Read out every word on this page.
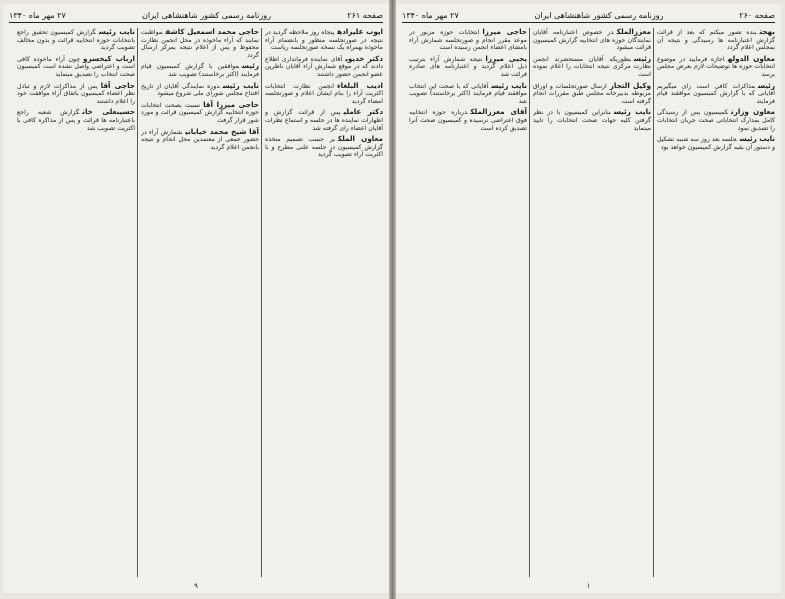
صفحه ۲۶۱
روزنامه رسمی کشور شاهنشاهی ایران
۲۷ مهر ماه ۱۳۴۰
ایوب علیزادهپنجاه روز ملاحظه گردید در نتیجه در صورتجلسه منظور و بانضمام آراء ماخوذه بهمراه یک نسخه صورتجلسه ریاست
دکتر خدیویآقای نماینده فرمانداری اطلاع دادند که در موقع شمارش آراء آقایان ناظرین عضو انجمن حضور داشتند
ادیب البلغاءانجمن نظارت انتخابات اکثریت آراء را بنام ایشان اعلام و صورتجلسه امضاء گردید
دکتر عاملیپس از قرائت گزارش و اظهارات نماینده ها در جلسه و استماع نظرات آقایان اعضاء رای گرفته شد
معاون الملکبر حسب تصمیم متخذه گزارش کمیسیون در جلسه علنی مطرح و با اکثریت آراء تصویب گردید
حاجی محمد اسمعیل کاشفمواظبت نمایند که آراء ماخوذه در محل انجمن نظارت محفوظ و پس از اعلام نتیجه بمرکز ارسال گردد
رئیسموافقین با گزارش کمیسیون قیام فرمایند (اکثر برخاستند) تصویب شد
نایب رئیسدوره نمایندگی آقایان از تاریخ افتتاح مجلس شورای ملی شروع میشود
حاجی میرزا آقانسبت بصحت انتخابات حوزه انتخابیه گزارش کمیسیون قرائت و مورد شور قرار گرفت
آقا شیخ محمد خیابانیشمارش آراء در حضور جمعی از معتمدین محل انجام و نتیجه بانجمن اعلام گردید
نایب رئیسگزارش کمیسیون تحقیق راجع بانتخابات حوزه انتخابیه قرائت و بدون مخالف تصویب گردید
ارباب کیخسروچون آراء ماخوذه کافی است و اعتراضی واصل نشده است کمیسیون صحت انتخاب را تصدیق مینماید
حاجی آقاپس از مذاکرات لازم و تبادل نظر اعضاء کمیسیون باتفاق آراء موافقت خود را اعلام داشتند
حسینعلی خانگزارش شعبه راجع باعتبارنامه ها قرائت و پس از مذاکره کافی با اکثریت تصویب شد
۹
صفحه ۲۶۰
روزنامه رسمی کشور شاهنشاهی ایران
۲۷ مهر ماه ۱۳۴۰
بهجتبنده تصور میکنم که بعد از قرائت گزارش اعتبارنامه ها رسیدگی و نتیجه آن بمجلس اعلام گردد
معاون الدولهاجازه فرمایید در موضوع انتخابات حوزه ها توضیحات لازم بعرض مجلس برسد
رئیسمذاکرات کافی است رای میگیریم آقایانی که با گزارش کمیسیون موافقند قیام فرمایند
معاون وزارتکمیسیون پس از رسیدگی کامل بمدارک انتخاباتی صحت جریان انتخابات را تصدیق نمود
نایب رئیسجلسه بعد روز سه شنبه تشکیل و دستور آن بقیه گزارش کمیسیون خواهد بود
معززالملکدر خصوص اعتبارنامه آقایان نمایندگان حوزه های انتخابیه گزارش کمیسیون قرائت میشود
رئیسبطوریکه آقایان مستحضرند انجمن نظارت مرکزی نتیجه انتخابات را اعلام نموده است
وکیل التجارارسال صورتجلسات و اوراق مربوطه بدبیرخانه مجلس طبق مقررات انجام گرفته است
نایب رئیسبنابراین کمیسیون با در نظر گرفتن کلیه جهات صحت انتخابات را تایید مینماید
حاجی میرزاانتخابات حوزه مزبور در موعد مقرر انجام و صورتجلسه شمارش آراء بامضای اعضاء انجمن رسیده است
یحیی میرزانتیجه شمارش آراء بترتیب ذیل اعلام گردید و اعتبارنامه های صادره قرائت شد
نایب رئیسآقایانی که با صحت این انتخاب موافقند قیام فرمایند (اکثر برخاستند) تصویب شد
آقای معززالملکدرباره حوزه انتخابیه فوق اعتراضی نرسیده و کمیسیون صحت آنرا تصدیق کرده است
۱
